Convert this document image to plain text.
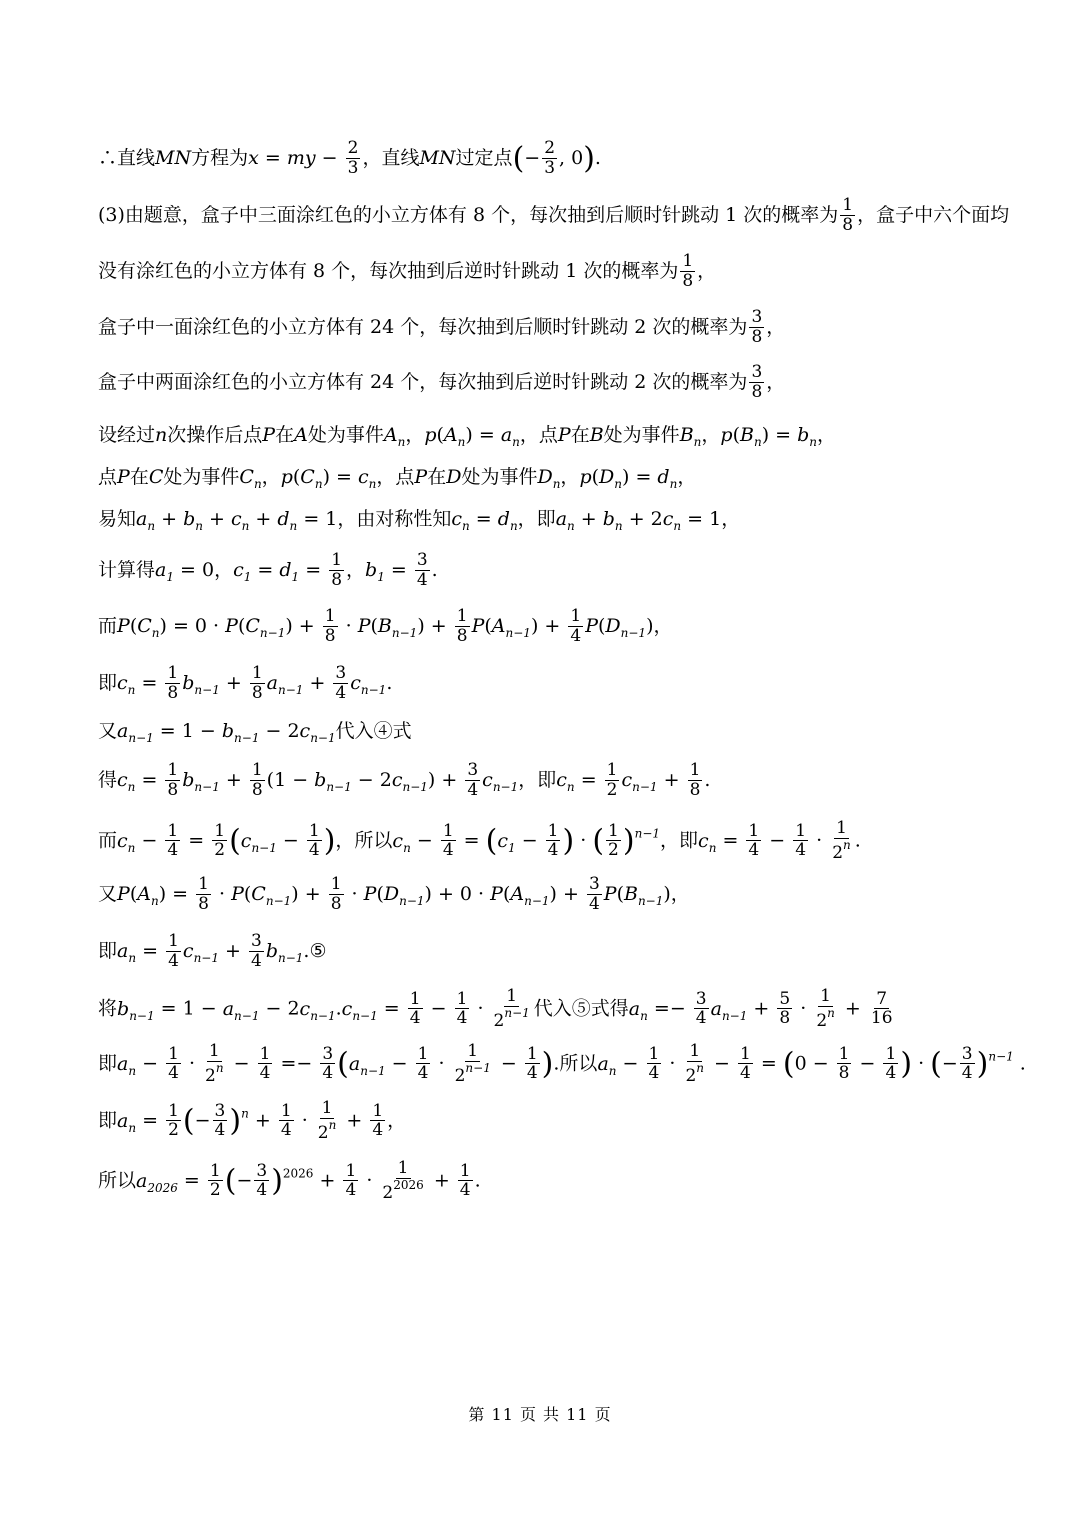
∴直线MN方程为x = my − $\frac{2}{3}$ ，直线MN过定点(− $\frac{2}{3}$ , 0).
(3)由题意，盒子中三面涂红色的小立方体有 8 个，每次抽到后顺时针跳动 1 次的概率为 $\frac{1}{8}$ ，盒子中六个面均
没有涂红色的小立方体有 8 个，每次抽到后逆时针跳动 1 次的概率为 $\frac{1}{8}$ ，
盒子中一面涂红色的小立方体有 24 个，每次抽到后顺时针跳动 2 次的概率为 $\frac{3}{8}$ ，
盒子中两面涂红色的小立方体有 24 个，每次抽到后逆时针跳动 2 次的概率为 $\frac{3}{8}$ ，
设经过n次操作后点P在A处为事件$A_n$，$p(A_n) = a_n$，点P在B处为事件$B_n$，$p(B_n) = b_n$，
点P在C处为事件$C_n$，$p(C_n) = c_n$，点P在D处为事件$D_n$，$p(D_n) = d_n$，
易知$a_n + b_n + c_n + d_n = 1$，由对称性知$c_n = d_n$，即$a_n + b_n + 2c_n = 1$，
计算得$a_1 = 0$，$c_1 = d_1 = \frac{1}{8}$ ，$b_1 = \frac{3}{4}$ .
而$P(C_n) = 0 \cdot P(C_{n-1}) + \frac{1}{8} \cdot P(B_{n-1}) + \frac{1}{8} P(A_{n-1}) + \frac{1}{4} P(D_{n-1})$，
即$c_n = \frac{1}{8} b_{n-1} + \frac{1}{8} a_{n-1} + \frac{3}{4} c_{n-1}$.
又$a_{n-1} = 1 - b_{n-1} - 2c_{n-1}$代入④式
得$c_n = \frac{1}{8} b_{n-1} + \frac{1}{8} (1 - b_{n-1} - 2c_{n-1}) + \frac{3}{4} c_{n-1}$，即$c_n = \frac{1}{2} c_{n-1} + \frac{1}{8}$ .
而$c_n - \frac{1}{4} = \frac{1}{2} (c_{n-1} - \frac{1}{4}$ )，所以$c_n - \frac{1}{4} = (c_1 - \frac{1}{4}$ ) · ( $\frac{1}{2} )^{n-1}$，即$c_n = \frac{1}{4} - \frac{1}{4} \cdot \frac{1}{2^n}$ .
又$P(A_n) = \frac{1}{8} \cdot P(C_{n-1}) + \frac{1}{8} \cdot P(D_{n-1}) + 0 \cdot P(A_{n-1}) + \frac{3}{4} P(B_{n-1})$，
即$a_n = \frac{1}{4} c_{n-1} + \frac{3}{4}$ $b_{n-1}.⑤$
将$b_{n-1} = 1 - a_{n-1} - 2c_{n-1}.c_{n-1} = \frac{1}{4} - \frac{1}{4} \cdot \frac{1}{2^{n-1}}$ 代入⑤式得$a_n =- \frac{3}{4} a_{n-1} + \frac{5}{8} \cdot \frac{1}{2^n} + \frac{7}{16}$
即$a_n - \frac{1}{4} \cdot \frac{1}{2^n} - \frac{1}{4} =- \frac{3}{4} (a_{n-1} - \frac{1}{4} \cdot \frac{1}{2^{n-1}} - \frac{1}{4}$ ).所以$a_n - \frac{1}{4} \cdot \frac{1}{2^n} - \frac{1}{4} = (0 - \frac{1}{8} - \frac{1}{4}$ ) · (− $\frac{3}{4} )^{n-1}$ .
即$a_n = \frac{1}{2}$ (− $\frac{3}{4} )^n + \frac{1}{4} \cdot \frac{1}{2^n} + \frac{1}{4}$ ，
所以$a_{2026} = \frac{1}{2}$ (− $\frac{3}{4} )^{2026} + \frac{1}{4} \cdot \frac{1}{2^{2026}} + \frac{1}{4}$ .
第 11 页 共 11 页
